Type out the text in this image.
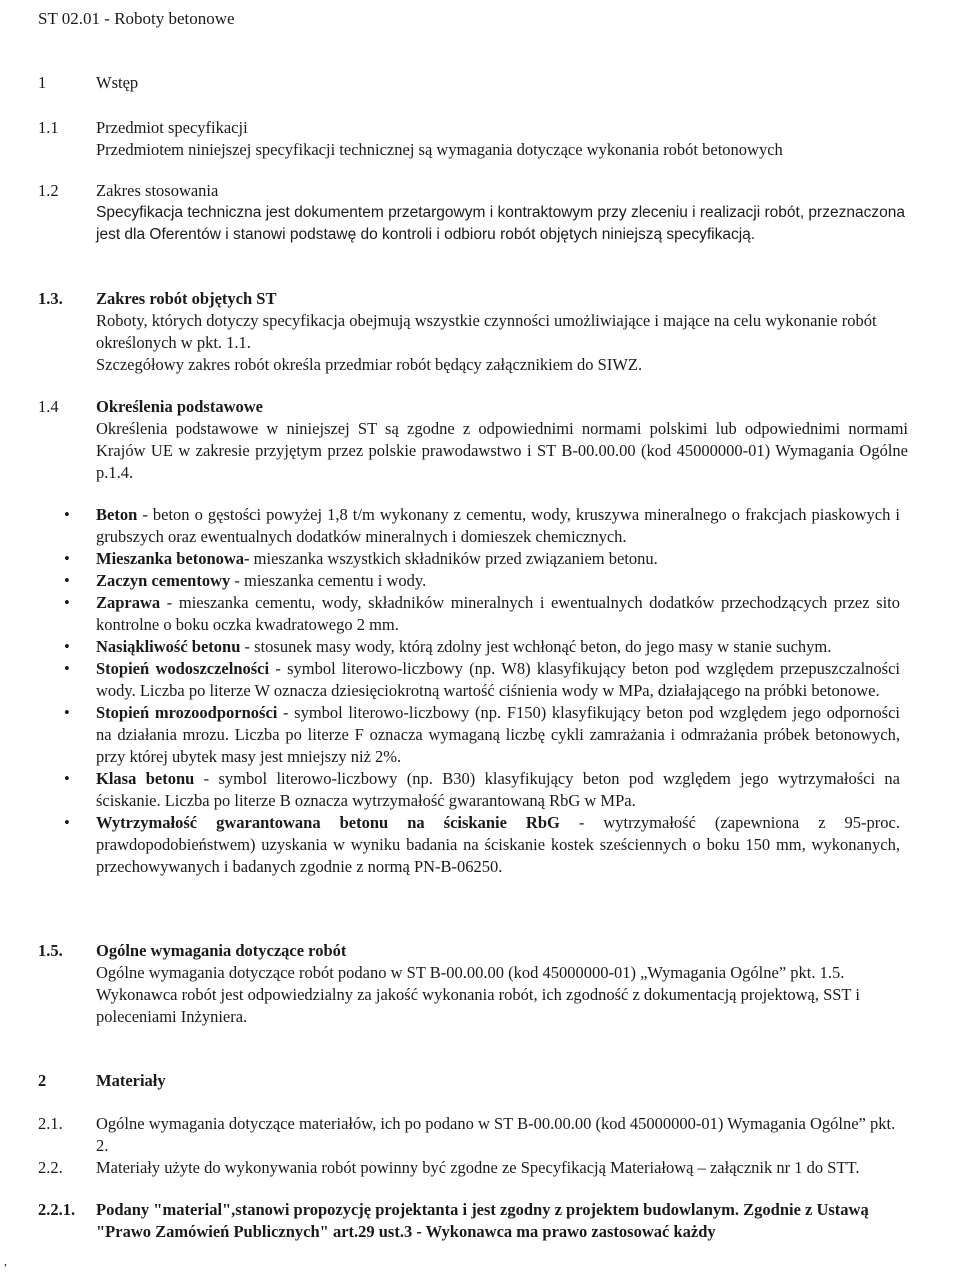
ST 02.01 - Roboty betonowe
1	Wstęp
1.1	Przedmiot specyfikacji
Przedmiotem niniejszej specyfikacji technicznej są wymagania dotyczące wykonania robót betonowych
1.2	Zakres stosowania
Specyfikacja techniczna jest dokumentem przetargowym i kontraktowym przy zleceniu i realizacji robót, przeznaczona jest dla Oferentów i stanowi podstawę do kontroli i odbioru robót objętych niniejszą specyfikacją.
1.3.	Zakres robót objętych ST
Roboty, których dotyczy specyfikacja obejmują wszystkie czynności umożliwiające i mające na celu wykonanie robót określonych w pkt. 1.1.
Szczegółowy zakres robót określa przedmiar robót będący załącznikiem do SIWZ.
1.4	Określenia podstawowe
Określenia podstawowe w niniejszej ST są zgodne z odpowiednimi normami polskimi lub odpowiednimi normami Krajów UE w zakresie przyjętym przez polskie prawodawstwo i ST B-00.00.00 (kod 45000000-01) Wymagania Ogólne p.1.4.
• Beton - beton o gęstości powyżej 1,8 t/m wykonany z cementu, wody, kruszywa mineralnego o frakcjach piaskowych i grubszych oraz ewentualnych dodatków mineralnych i domieszek chemicznych.
• Mieszanka betonowa- mieszanka wszystkich składników przed związaniem betonu.
• Zaczyn cementowy - mieszanka cementu i wody.
• Zaprawa - mieszanka cementu, wody, składników mineralnych i ewentualnych dodatków przechodzących przez sito kontrolne o boku oczka kwadratowego 2 mm.
• Nasiąkliwość betonu - stosunek masy wody, którą zdolny jest wchłonąć beton, do jego masy w stanie suchym.
• Stopień wodoszczelności - symbol literowo-liczbowy (np. W8) klasyfikujący beton pod względem przepuszczalności wody. Liczba po literze W oznacza dziesięciokrotną wartość ciśnienia wody w MPa, działającego na próbki betonowe.
• Stopień mrozoodporności - symbol literowo-liczbowy (np. F150) klasyfikujący beton pod względem jego odporności na działania mrozu. Liczba po literze F oznacza wymaganą liczbę cykli zamrażania i odmrażania próbek betonowych, przy której ubytek masy jest mniejszy niż 2%.
• Klasa betonu - symbol literowo-liczbowy (np. B30) klasyfikujący beton pod względem jego wytrzymałości na ściskanie. Liczba po literze B oznacza wytrzymałość gwarantowaną RbG w MPa.
• Wytrzymałość gwarantowana betonu na ściskanie RbG - wytrzymałość (zapewniona z 95-proc. prawdopodobieństwem) uzyskania w wyniku badania na ściskanie kostek sześciennych o boku 150 mm, wykonanych, przechowywanych i badanych zgodnie z normą PN-B-06250.
1.5.	Ogólne wymagania dotyczące robót
Ogólne wymagania dotyczące robót podano w ST B-00.00.00 (kod 45000000-01) „Wymagania Ogólne” pkt. 1.5.
Wykonawca robót jest odpowiedzialny za jakość wykonania robót, ich zgodność z dokumentacją projektową, SST i poleceniami Inżyniera.
2	Materiały
2.1.	Ogólne wymagania dotyczące materiałów, ich po podano w ST B-00.00.00 (kod 45000000-01) Wymagania Ogólne” pkt. 2.
2.2.	Materiały użyte do wykonywania robót powinny być zgodne ze Specyfikacją Materiałową – załącznik nr 1 do STT.
2.2.1.	Podany "material",stanowi propozycję projektanta i jest zgodny z projektem budowlanym. Zgodnie z Ustawą "Prawo Zamówień Publicznych" art.29 ust.3 - Wykonawca ma prawo zastosować każdy
,
